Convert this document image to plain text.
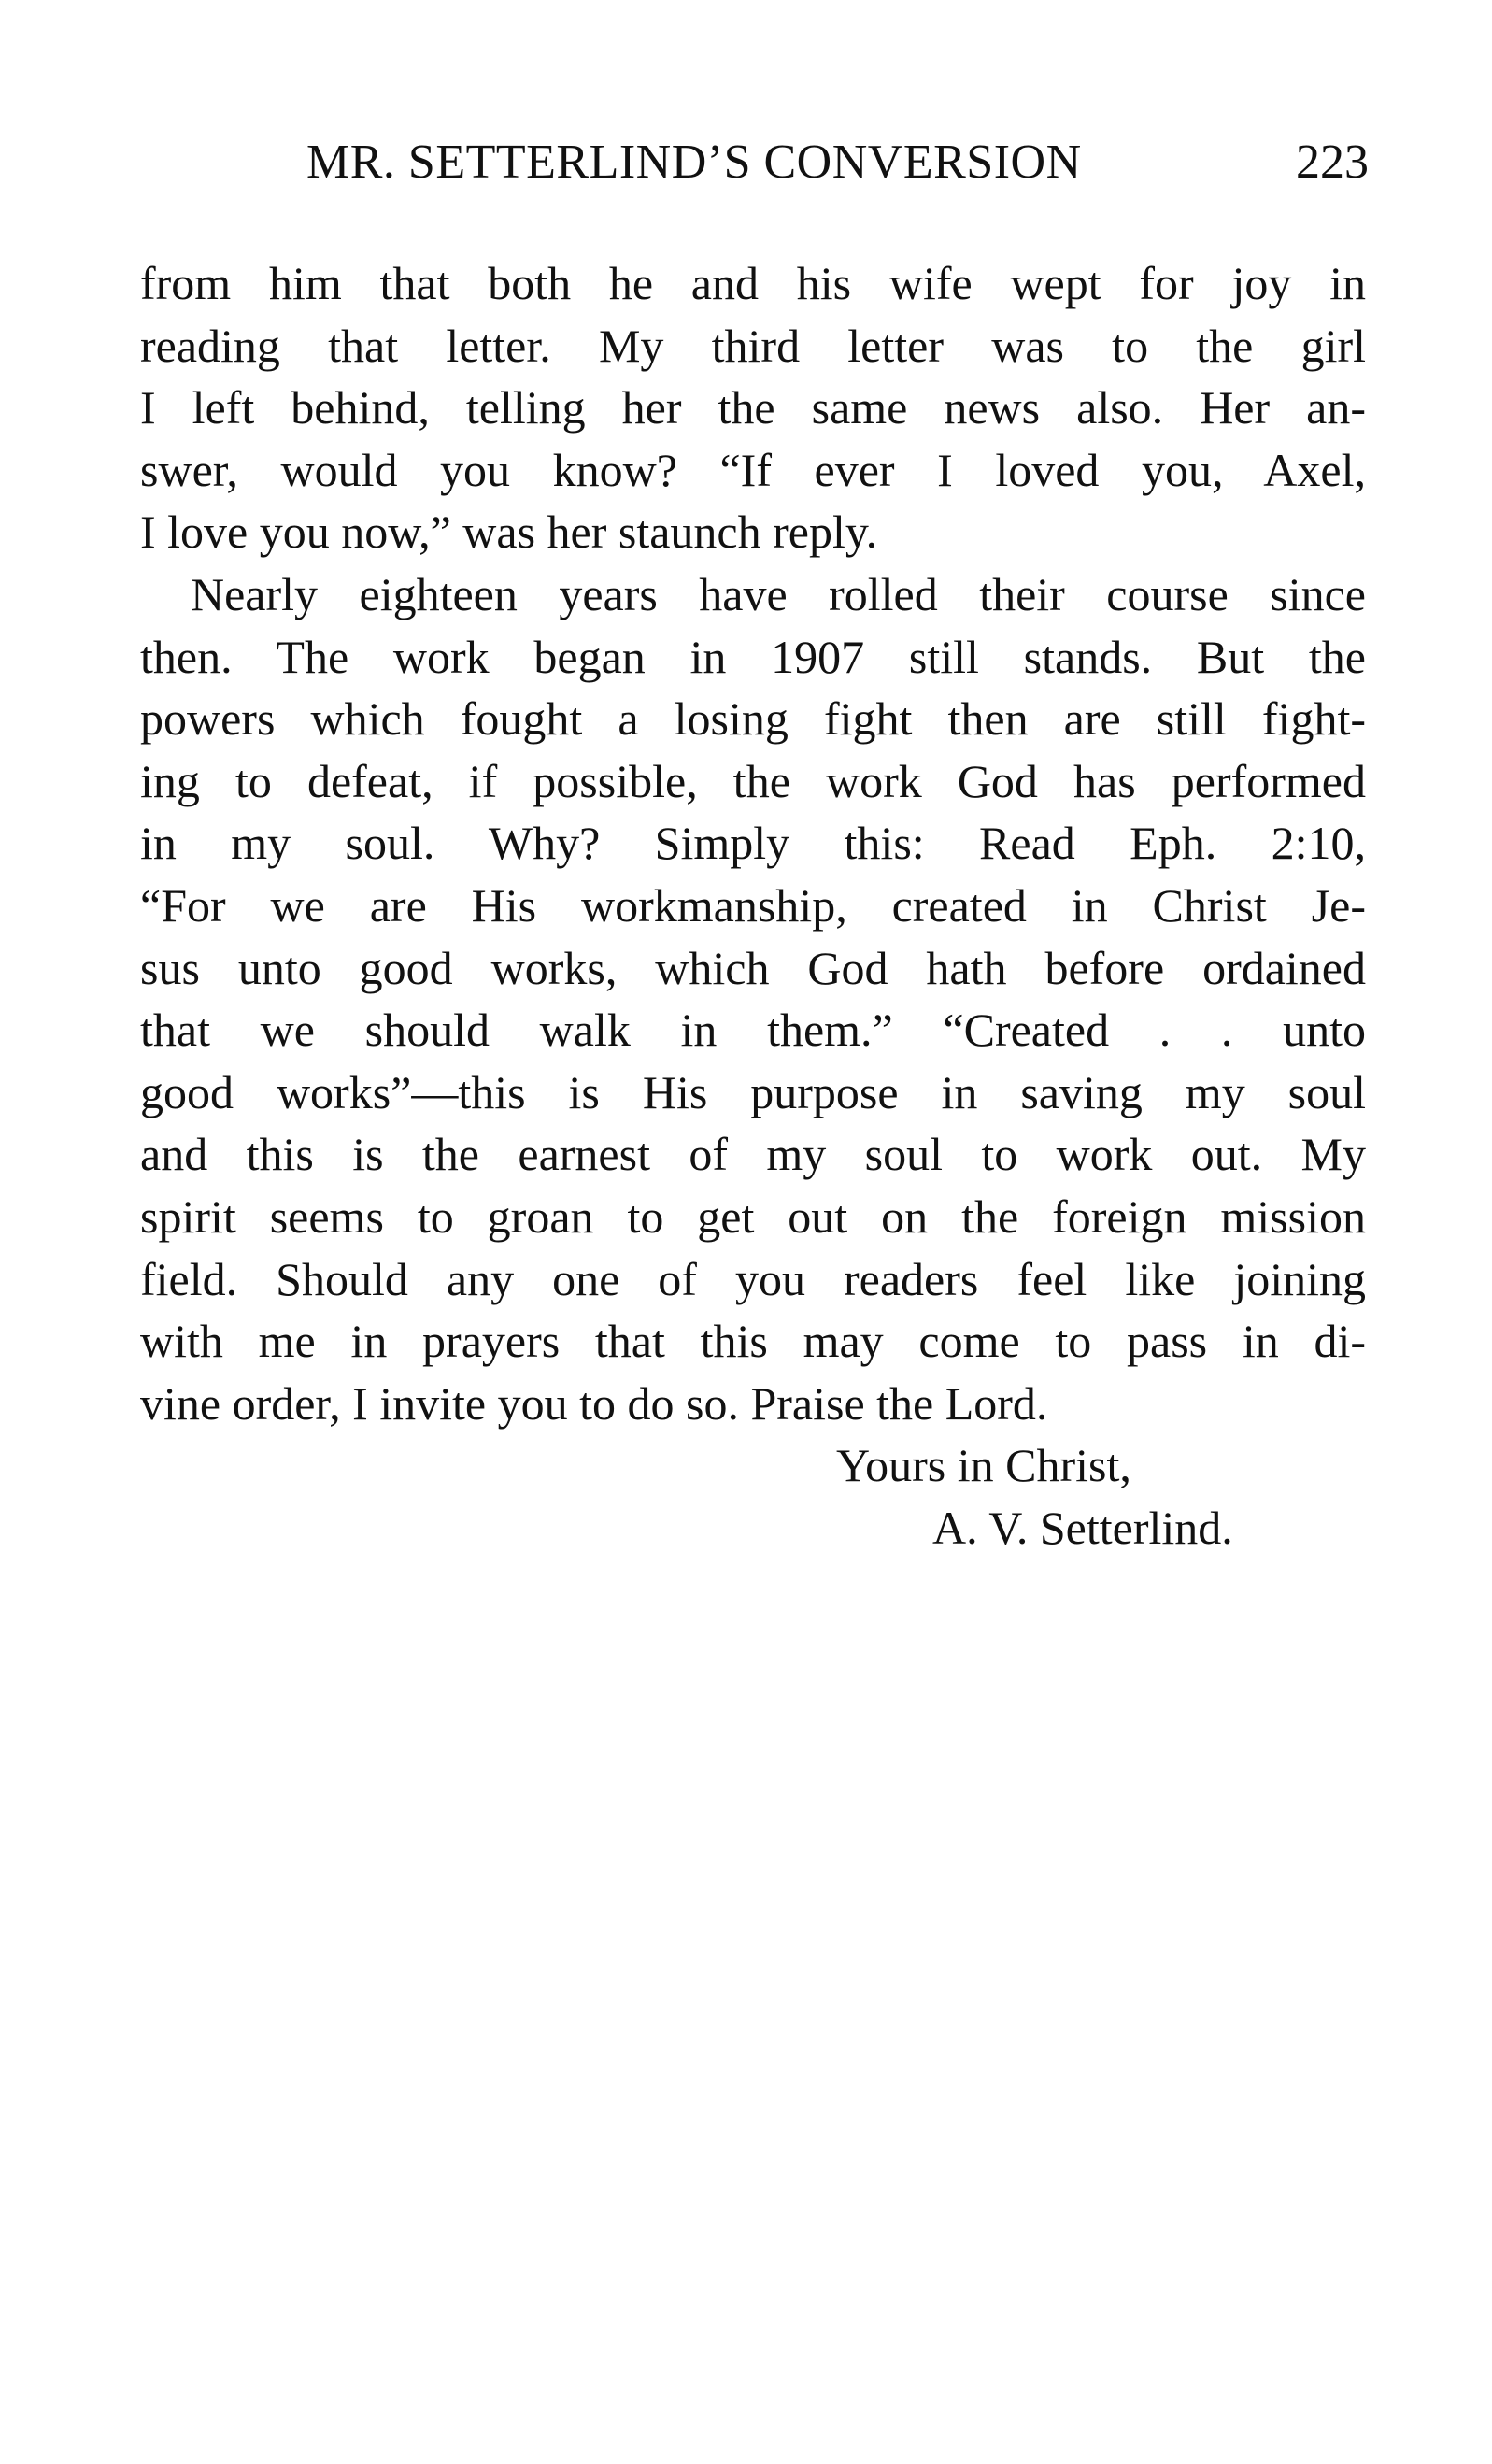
MR. SETTERLIND’S CONVERSION	223
from him that both he and his wife wept for joy in
reading that letter. My third letter was to the girl
I left behind, telling her the same news also. Her an-
swer, would you know? “If ever I loved you, Axel,
I love you now,” was her staunch reply.
Nearly eighteen years have rolled their course since
then. The work began in 1907 still stands. But the
powers which fought a losing fight then are still fight-
ing to defeat, if possible, the work God has performed
in my soul. Why? Simply this: Read Eph. 2:10,
“For we are His workmanship, created in Christ Je-
sus unto good works, which God hath before ordained
that we should walk in them.” “Created . . unto
good works”—this is His purpose in saving my soul
and this is the earnest of my soul to work out. My
spirit seems to groan to get out on the foreign mission
field. Should any one of you readers feel like joining
with me in prayers that this may come to pass in di-
vine order, I invite you to do so. Praise the Lord.
Yours in Christ,
A. V. Setterlind.
